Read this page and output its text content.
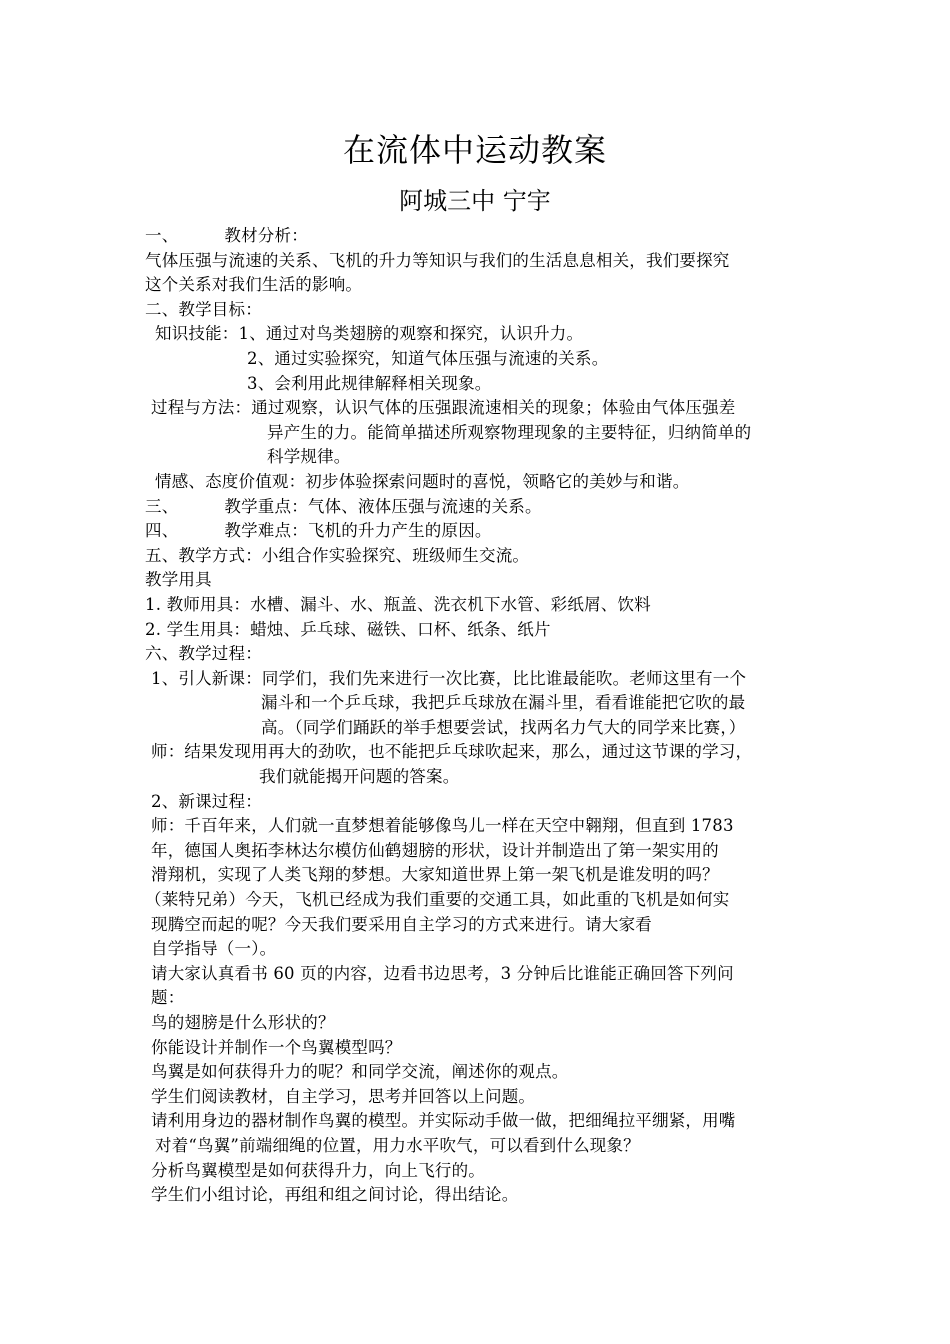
在流体中运动教案
阿城三中 宁宇
一、	教材分析：
气体压强与流速的关系、飞机的升力等知识与我们的生活息息相关，我们要探究
这个关系对我们生活的影响。
二、教学目标：
知识技能：1、通过对鸟类翅膀的观察和探究，认识升力。
2、通过实验探究，知道气体压强与流速的关系。
3、会利用此规律解释相关现象。
过程与方法：通过观察，认识气体的压强跟流速相关的现象；体验由气体压强差
异产生的力。能简单描述所观察物理现象的主要特征，归纳简单的
科学规律。
情感、态度价值观：初步体验探索问题时的喜悦，领略它的美妙与和谐。
三、	教学重点：气体、液体压强与流速的关系。
四、	教学难点：飞机的升力产生的原因。
五、教学方式：小组合作实验探究、班级师生交流。
教学用具
1. 教师用具：水槽、漏斗、水、瓶盖、洗衣机下水管、彩纸屑、饮料
2. 学生用具：蜡烛、乒乓球、磁铁、口杯、纸条、纸片
六、教学过程：
1、引人新课：同学们，我们先来进行一次比赛，比比谁最能吹。老师这里有一个
漏斗和一个乒乓球，我把乒乓球放在漏斗里，看看谁能把它吹的最
高。（同学们踊跃的举手想要尝试，找两名力气大的同学来比赛，）
师：结果发现用再大的劲吹，也不能把乒乓球吹起来，那么，通过这节课的学习，
我们就能揭开问题的答案。
2、新课过程：
师：千百年来，人们就一直梦想着能够像鸟儿一样在天空中翱翔，但直到 1783
年，德国人奥拓李林达尔模仿仙鹤翅膀的形状，设计并制造出了第一架实用的
滑翔机，实现了人类飞翔的梦想。大家知道世界上第一架飞机是谁发明的吗？
（莱特兄弟）今天，飞机已经成为我们重要的交通工具，如此重的飞机是如何实
现腾空而起的呢？今天我们要采用自主学习的方式来进行。请大家看
自学指导（一）。
请大家认真看书 60 页的内容，边看书边思考，3 分钟后比谁能正确回答下列问
题：
鸟的翅膀是什么形状的？
你能设计并制作一个鸟翼模型吗？
鸟翼是如何获得升力的呢？和同学交流，阐述你的观点。
学生们阅读教材，自主学习，思考并回答以上问题。
请利用身边的器材制作鸟翼的模型。并实际动手做一做，把细绳拉平绷紧，用嘴
对着“鸟翼”前端细绳的位置，用力水平吹气，可以看到什么现象？
分析鸟翼模型是如何获得升力，向上飞行的。
学生们小组讨论，再组和组之间讨论，得出结论。
